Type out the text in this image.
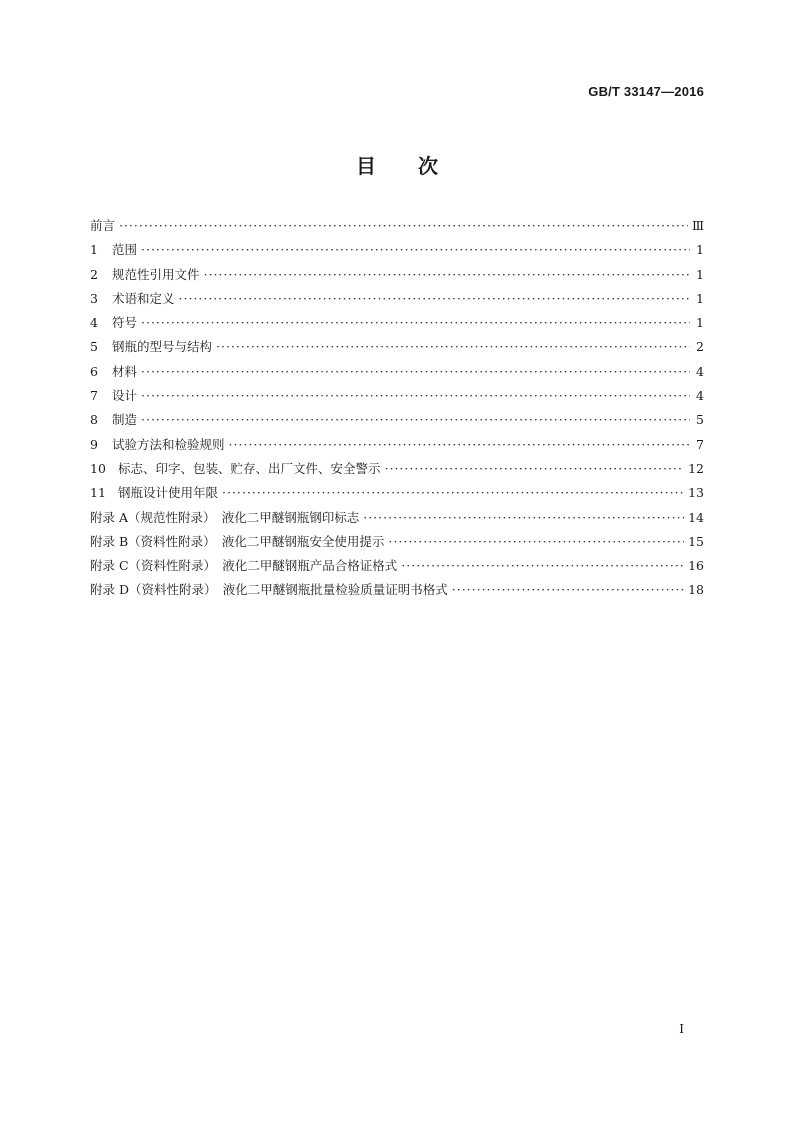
GB/T 33147—2016
目次
前言 ·····	Ⅲ
1	范围 ·····	1
2	规范性引用文件 ·····	1
3	术语和定义 ·····	1
4	符号 ·····	1
5	钢瓶的型号与结构 ·····	2
6	材料 ·····	4
7	设计 ·····	4
8	制造 ·····	5
9	试验方法和检验规则 ·····	7
10 标志、印字、包装、贮存、出厂文件、安全警示 ·····	12
11 钢瓶设计使用年限 ·····	13
附录 A（规范性附录）　液化二甲醚钢瓶钢印标志 ·····	14
附录 B（资料性附录）　液化二甲醚钢瓶安全使用提示 ·····	15
附录 C（资料性附录）　液化二甲醚钢瓶产品合格证格式 ·····	16
附录 D（资料性附录）　液化二甲醚钢瓶批量检验质量证明书格式 ·····	18
I
